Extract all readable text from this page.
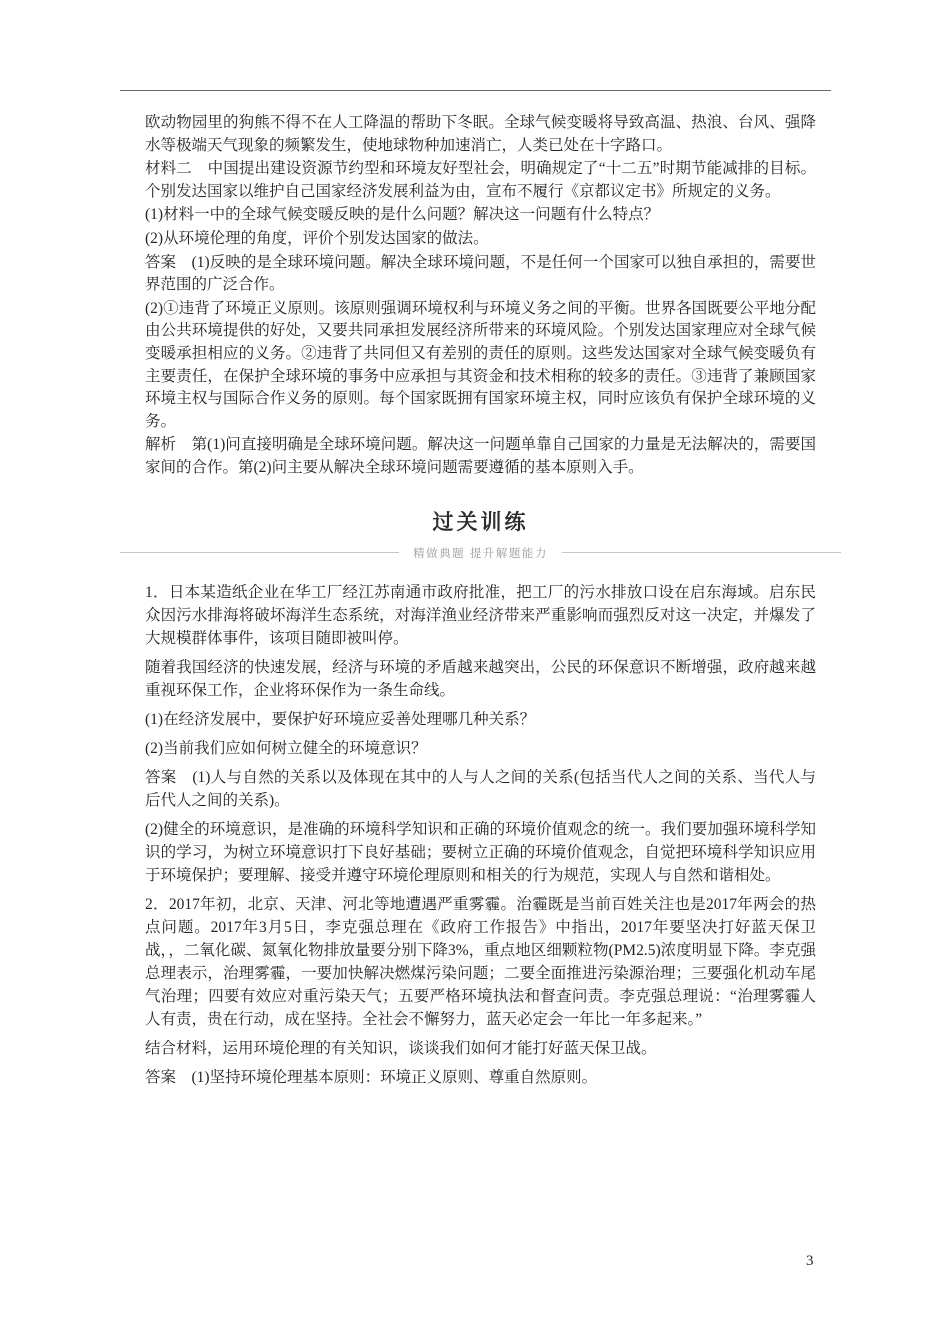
欧动物园里的狗熊不得不在人工降温的帮助下冬眠。全球气候变暖将导致高温、热浪、台风、强降水等极端天气现象的频繁发生，使地球物种加速消亡，人类已处在十字路口。

材料二　中国提出建设资源节约型和环境友好型社会，明确规定了“十二五”时期节能减排的目标。个别发达国家以维护自己国家经济发展利益为由，宣布不履行《京都议定书》所规定的义务。

(1)材料一中的全球气候变暖反映的是什么问题？解决这一问题有什么特点？

(2)从环境伦理的角度，评价个别发达国家的做法。

答案　(1)反映的是全球环境问题。解决全球环境问题，不是任何一个国家可以独自承担的，需要世界范围的广泛合作。

(2)①违背了环境正义原则。该原则强调环境权利与环境义务之间的平衡。世界各国既要公平地分配由公共环境提供的好处，又要共同承担发展经济所带来的环境风险。个别发达国家理应对全球气候变暖承担相应的义务。②违背了共同但又有差别的责任的原则。这些发达国家对全球气候变暖负有主要责任，在保护全球环境的事务中应承担与其资金和技术相称的较多的责任。③违背了兼顾国家环境主权与国际合作义务的原则。每个国家既拥有国家环境主权，同时应该负有保护全球环境的义务。

解析　第(1)问直接明确是全球环境问题。解决这一问题单靠自己国家的力量是无法解决的，需要国家间的合作。第(2)问主要从解决全球环境问题需要遵循的基本原则入手。

过关训练
精做典题 提升解题能力

1．日本某造纸企业在华工厂经江苏南通市政府批准，把工厂的污水排放口设在启东海域。启东民众因污水排海将破坏海洋生态系统，对海洋渔业经济带来严重影响而强烈反对这一决定，并爆发了大规模群体事件，该项目随即被叫停。

随着我国经济的快速发展，经济与环境的矛盾越来越突出，公民的环保意识不断增强，政府越来越重视环保工作，企业将环保作为一条生命线。

(1)在经济发展中，要保护好环境应妥善处理哪几种关系？

(2)当前我们应如何树立健全的环境意识？

答案　(1)人与自然的关系以及体现在其中的人与人之间的关系(包括当代人之间的关系、当代人与后代人之间的关系)。

(2)健全的环境意识，是准确的环境科学知识和正确的环境价值观念的统一。我们要加强环境科学知识的学习，为树立环境意识打下良好基础；要树立正确的环境价值观念，自觉把环境科学知识应用于环境保护；要理解、接受并遵守环境伦理原则和相关的行为规范，实现人与自然和谐相处。

2．2017年初，北京、天津、河北等地遭遇严重雾霾。治霾既是当前百姓关注也是2017年两会的热点问题。2017年3月5日，李克强总理在《政府工作报告》中指出，2017年要坚决打好蓝天保卫战，，二氧化碳、氮氧化物排放量要分别下降3%，重点地区细颗粒物(PM2.5)浓度明显下降。李克强总理表示，治理雾霾，一要加快解决燃煤污染问题；二要全面推进污染源治理；三要强化机动车尾气治理；四要有效应对重污染天气；五要严格环境执法和督查问责。李克强总理说：“治理雾霾人人有责，贵在行动，成在坚持。全社会不懈努力，蓝天必定会一年比一年多起来。”

结合材料，运用环境伦理的有关知识，谈谈我们如何才能打好蓝天保卫战。

答案　(1)坚持环境伦理基本原则：环境正义原则、尊重自然原则。

3
